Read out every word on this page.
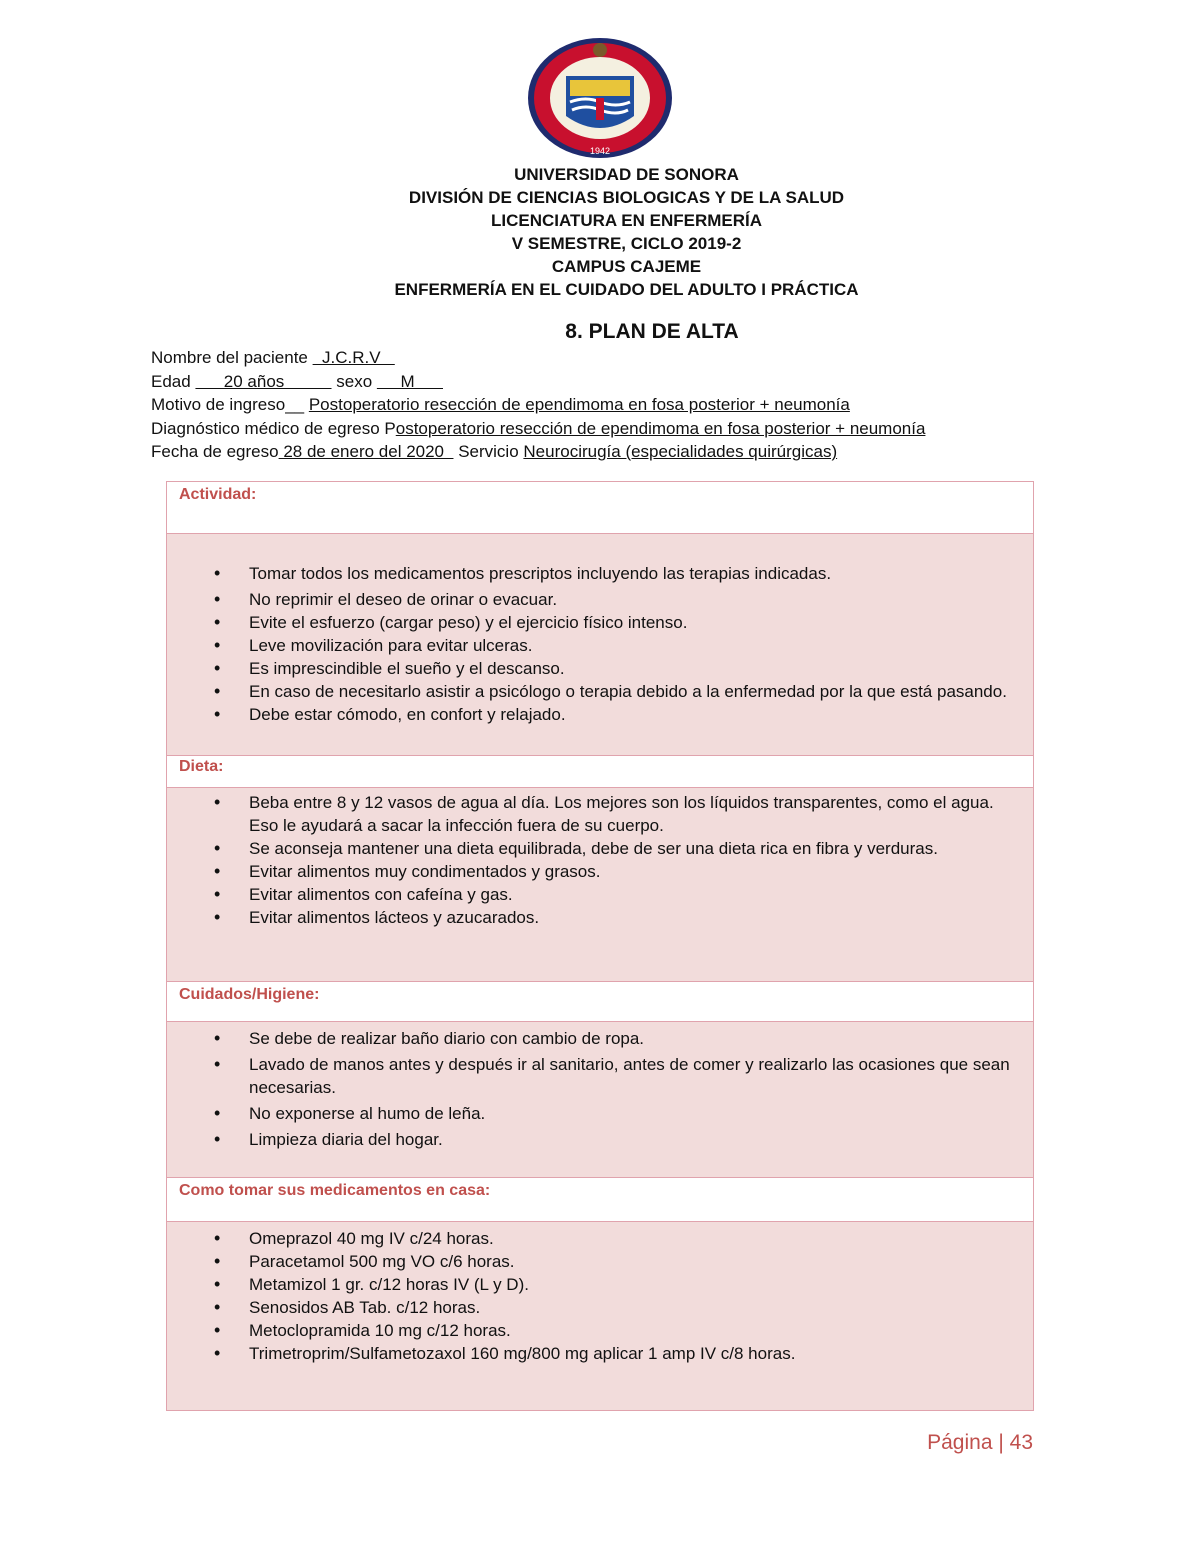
1942
UNIVERSIDAD DE SONORA
DIVISIÓN DE CIENCIAS BIOLOGICAS Y DE LA SALUD
LICENCIATURA EN ENFERMERÍA
V SEMESTRE, CICLO 2019-2
CAMPUS CAJEME
ENFERMERÍA EN EL CUIDADO DEL ADULTO I PRÁCTICA
8. PLAN DE ALTA
Nombre del paciente   J.C.R.V
Edad       20 años           sexo      M
Motivo de ingreso__ Postoperatorio resección de ependimoma en fosa posterior + neumonía
Diagnóstico médico de egreso Postoperatorio resección de ependimoma en fosa posterior + neumonía
Fecha de egreso 28 de enero del 2020   Servicio Neurocirugía (especialidades quirúrgicas)
Actividad:
• Tomar todos los medicamentos prescriptos incluyendo las terapias indicadas.
• No reprimir el deseo de orinar o evacuar.
• Evite el esfuerzo (cargar peso) y el ejercicio físico intenso.
• Leve movilización para evitar ulceras.
• Es imprescindible el sueño y el descanso.
• En caso de necesitarlo asistir a psicólogo o terapia debido a la enfermedad por la que está pasando.
• Debe estar cómodo, en confort y relajado.
Dieta:
• Beba entre 8 y 12 vasos de agua al día. Los mejores son los líquidos transparentes, como el agua. Eso le ayudará a sacar la infección fuera de su cuerpo.
• Se aconseja mantener una dieta equilibrada, debe de ser una dieta rica en fibra y verduras.
• Evitar alimentos muy condimentados y grasos.
• Evitar alimentos con cafeína y gas.
• Evitar alimentos lácteos y azucarados.
Cuidados/Higiene:
• Se debe de realizar baño diario con cambio de ropa.
• Lavado de manos antes y después ir al sanitario, antes de comer y realizarlo las ocasiones que sean necesarias.
• No exponerse al humo de leña.
• Limpieza diaria del hogar.
Como tomar sus medicamentos en casa:
• Omeprazol 40 mg IV c/24 horas.
• Paracetamol 500 mg VO c/6 horas.
• Metamizol 1 gr. c/12 horas IV (L y D).
• Senosidos AB Tab. c/12 horas.
• Metoclopramida 10 mg c/12 horas.
• Trimetroprim/Sulfametozaxol 160 mg/800 mg aplicar 1 amp IV c/8 horas.
Página | 43
